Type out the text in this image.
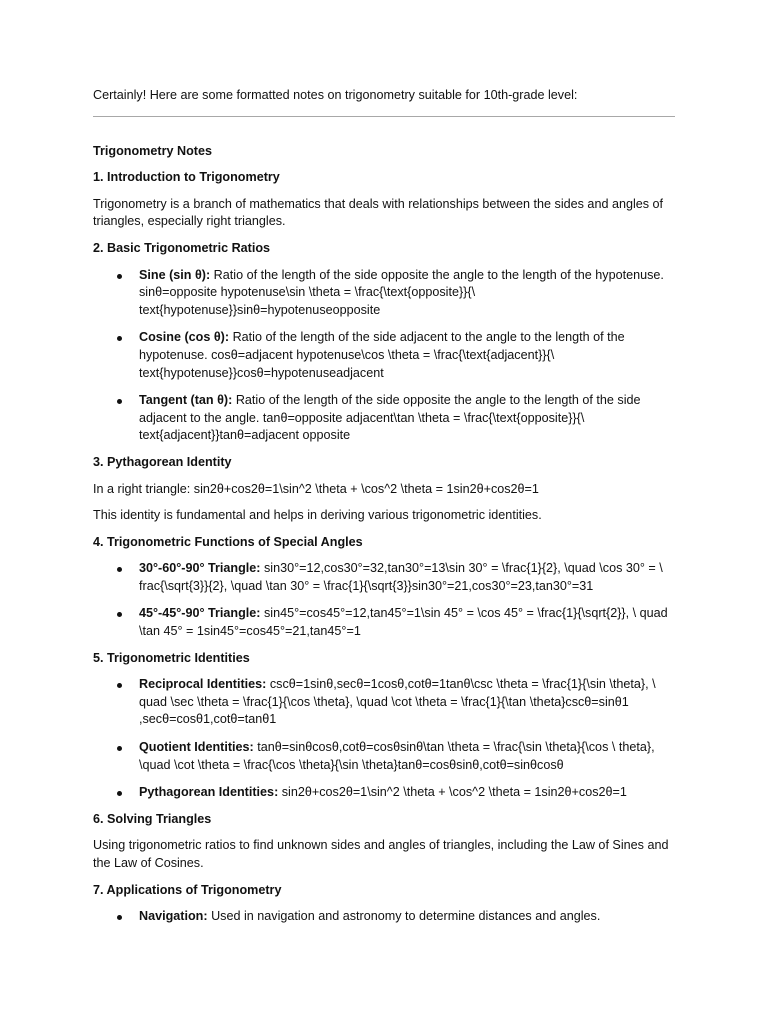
Certainly! Here are some formatted notes on trigonometry suitable for 10th-grade level:

Trigonometry Notes

1. Introduction to Trigonometry

Trigonometry is a branch of mathematics that deals with relationships between the sides and angles of triangles, especially right triangles.

2. Basic Trigonometric Ratios

Sine (sin θ): Ratio of the length of the side opposite the angle to the length of the hypotenuse. sinθ=opposite hypotenuse\sin \theta = \frac{\text{opposite}}{\ text{hypotenuse}}sinθ=hypotenuseopposite
Cosine (cos θ): Ratio of the length of the side adjacent to the angle to the length of the hypotenuse. cosθ=adjacent hypotenuse\cos \theta = \frac{\text{adjacent}}{\ text{hypotenuse}}cosθ=hypotenuseadjacent
Tangent (tan θ): Ratio of the length of the side opposite the angle to the length of the side adjacent to the angle. tanθ=opposite adjacent\tan \theta = \frac{\text{opposite}}{\ text{adjacent}}tanθ=adjacent opposite

3. Pythagorean Identity

In a right triangle: sin2θ+cos2θ=1\sin^2 \theta + \cos^2 \theta = 1sin2θ+cos2θ=1

This identity is fundamental and helps in deriving various trigonometric identities.

4. Trigonometric Functions of Special Angles

30°-60°-90° Triangle: sin30°=12,cos30°=32,tan30°=13\sin 30° = \frac{1}{2}, \quad \cos 30° = \ frac{\sqrt{3}}{2}, \quad \tan 30° = \frac{1}{\sqrt{3}}sin30°=21,cos30°=23,tan30°=31
45°-45°-90° Triangle: sin45°=cos45°=12,tan45°=1\sin 45° = \cos 45° = \frac{1}{\sqrt{2}}, \ quad \tan 45° = 1sin45°=cos45°=21,tan45°=1

5. Trigonometric Identities

Reciprocal Identities: cscθ=1sinθ,secθ=1cosθ,cotθ=1tanθ\csc \theta = \frac{1}{\sin \theta}, \ quad \sec \theta = \frac{1}{\cos \theta}, \quad \cot \theta = \frac{1}{\tan \theta}cscθ=sinθ1 ,secθ=cosθ1,cotθ=tanθ1
Quotient Identities: tanθ=sinθcosθ,cotθ=cosθsinθ\tan \theta = \frac{\sin \theta}{\cos \ theta}, \quad \cot \theta = \frac{\cos \theta}{\sin \theta}tanθ=cosθsinθ,cotθ=sinθcosθ
Pythagorean Identities: sin2θ+cos2θ=1\sin^2 \theta + \cos^2 \theta = 1sin2θ+cos2θ=1

6. Solving Triangles

Using trigonometric ratios to find unknown sides and angles of triangles, including the Law of Sines and the Law of Cosines.

7. Applications of Trigonometry

Navigation: Used in navigation and astronomy to determine distances and angles.
